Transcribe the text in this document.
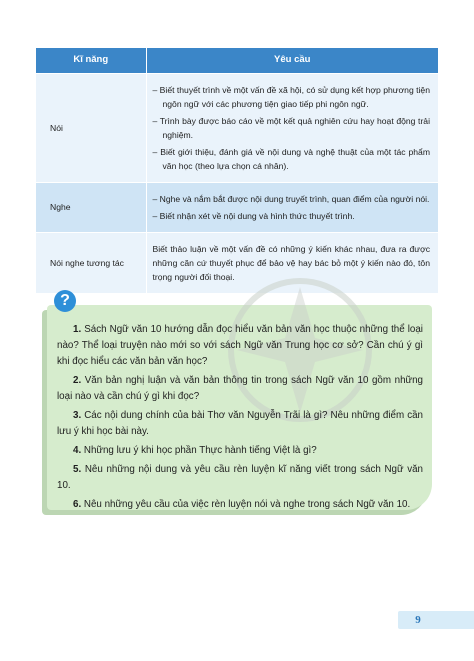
Kĩ năng	Yêu cầu
Nói	– Biết thuyết trình về một vấn đề xã hội, có sử dụng kết hợp phương tiện ngôn ngữ với các phương tiện giao tiếp phi ngôn ngữ.

– Trình bày được báo cáo về một kết quả nghiên cứu hay hoạt động trải nghiệm.

– Biết giới thiệu, đánh giá về nội dung và nghệ thuật của một tác phẩm văn học (theo lựa chọn cá nhân).

Nghe	– Nghe và nắm bắt được nội dung truyết trình, quan điểm của người nói.

– Biết nhận xét về nội dung và hình thức thuyết trình.

Nói nghe tương tác	Biết thảo luận về một vấn đề có những ý kiến khác nhau, đưa ra được những căn cứ thuyết phục để bảo vệ hay bác bỏ một ý kiến nào đó, tôn trọng người đối thoại.

?
1. Sách Ngữ văn 10 hướng dẫn đọc hiểu văn bản văn học thuộc những thể loại nào? Thể loại truyện nào mới so với sách Ngữ văn Trung học cơ sở? Cần chú ý gì khi đọc hiểu các văn bản văn học?
2. Văn bản nghị luận và văn bản thông tin trong sách Ngữ văn 10 gồm những loại nào và cần chú ý gì khi đọc?
3. Các nội dung chính của bài Thơ văn Nguyễn Trãi là gì? Nêu những điểm cần lưu ý khi học bài này.
4. Những lưu ý khi học phần Thực hành tiếng Việt là gì?
5. Nêu những nội dung và yêu cầu rèn luyện kĩ năng viết trong sách Ngữ văn 10.
6. Nêu những yêu cầu của việc rèn luyện nói và nghe trong sách Ngữ văn 10.
9
